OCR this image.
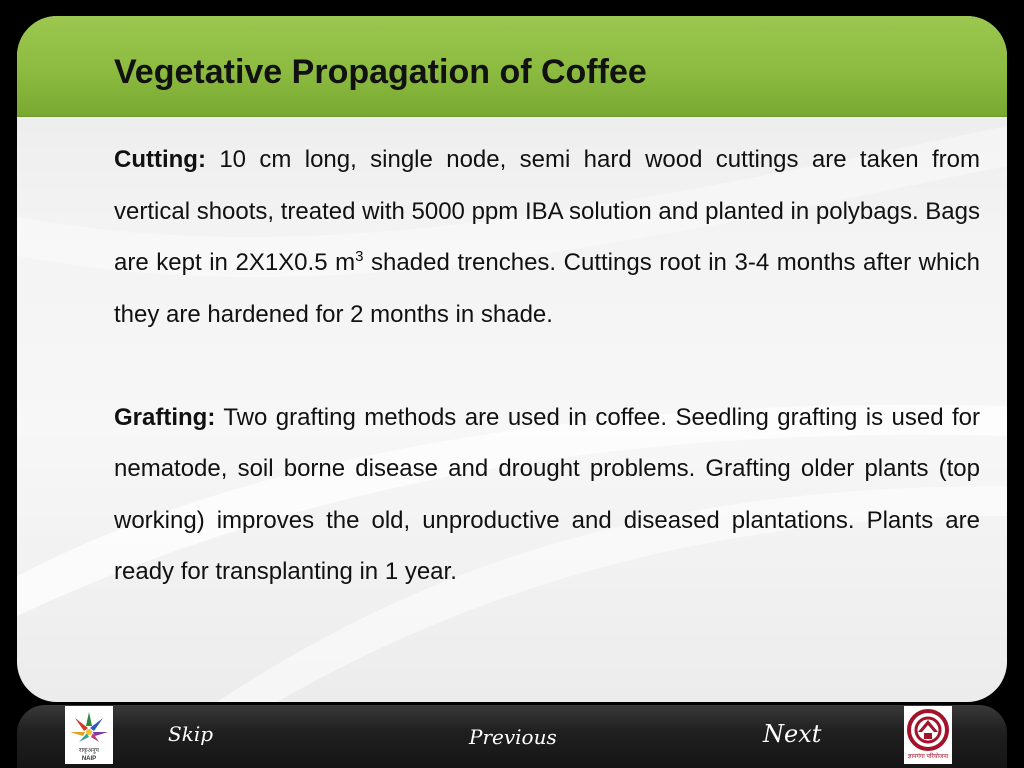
Vegetative Propagation of Coffee

Cutting: 10 cm long, single node, semi hard wood cuttings are taken from vertical shoots, treated with 5000 ppm IBA solution and planted in polybags. Bags are kept in 2X1X0.5 $m^3$ shaded trenches. Cuttings root in 3-4 months after which they are hardened for 2 months in shade.

Grafting: Two grafting methods are used in coffee. Seedling grafting is used for nematode, soil borne disease and drought problems. Grafting older plants (top working) improves the old, unproductive and diseased plantations. Plants are ready for transplanting in 1 year.

राकृअनुप
NAIP
Skip	Previous	Next
ज्ञानगंगा परियोजना
